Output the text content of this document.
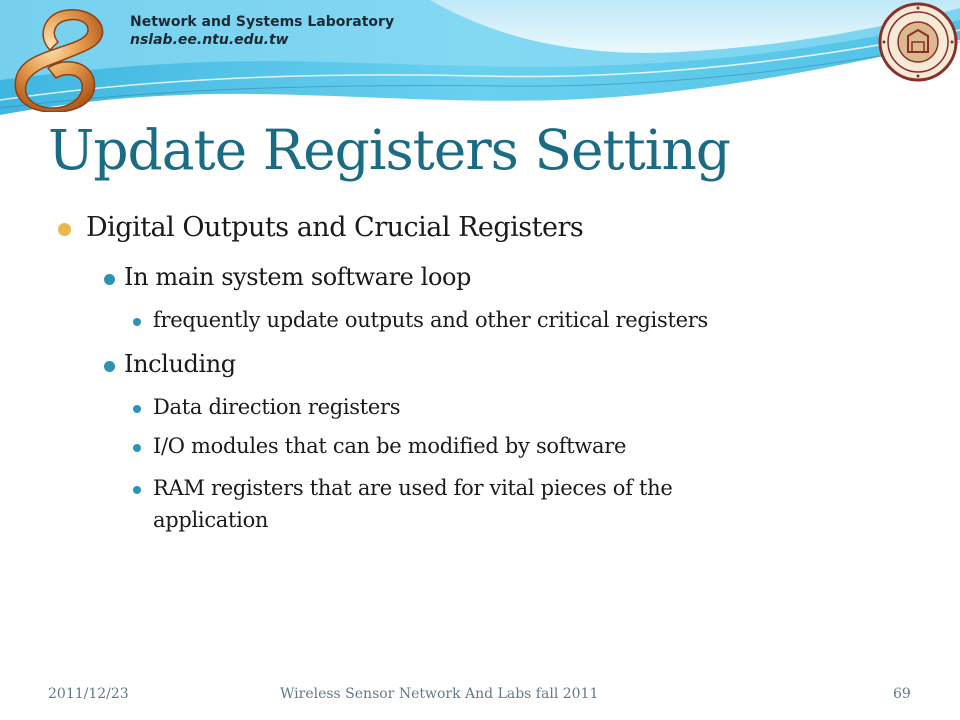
Network and Systems Laboratory
nslab.ee.ntu.edu.tw
Update Registers Setting
Digital Outputs and Crucial Registers
In main system software loop
frequently update outputs and other critical registers
Including
Data direction registers
I/O modules that can be modified by software
RAM registers that are used for vital pieces of the
application
2011/12/23	Wireless Sensor Network And Labs fall 2011	69
